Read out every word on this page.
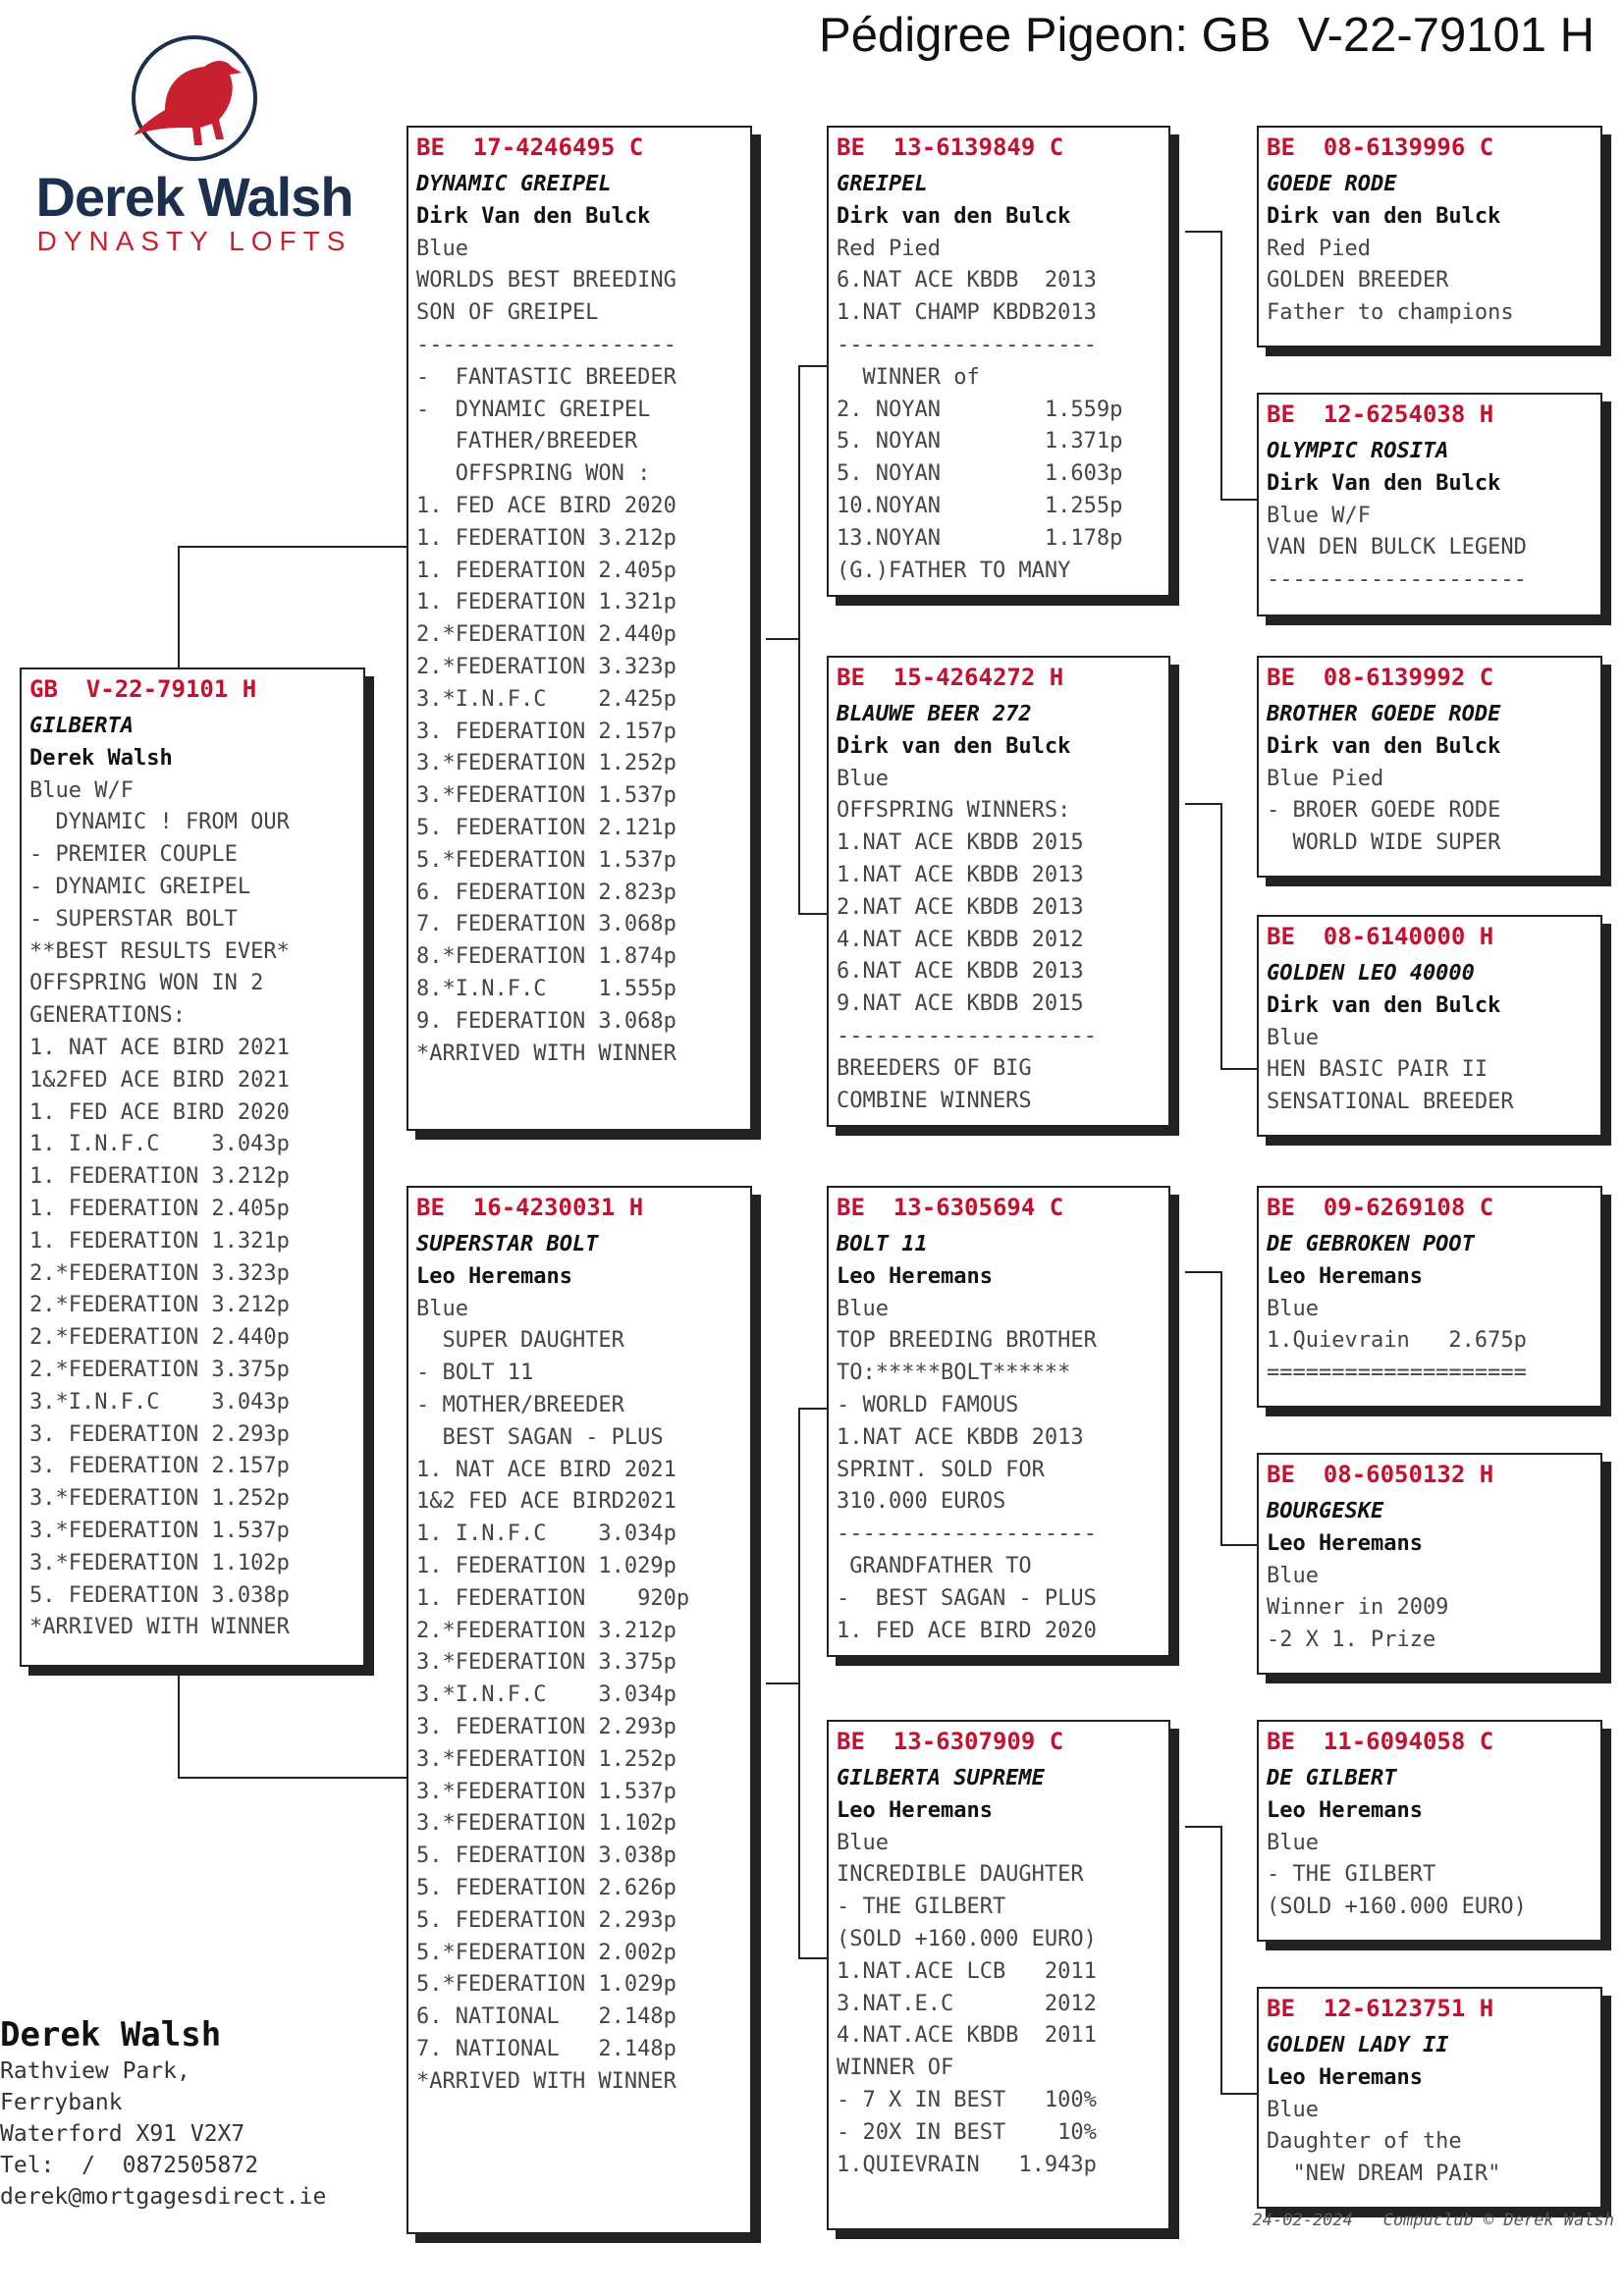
Pédigree Pigeon: GB  V-22-79101 H
Derek Walsh
DYNASTY LOFTS
GB  V-22-79101 H
GILBERTA
Derek Walsh
Blue W/F
DYNAMIC ! FROM OUR
- PREMIER COUPLE
- DYNAMIC GREIPEL
- SUPERSTAR BOLT
**BEST RESULTS EVER*
OFFSPRING WON IN 2
GENERATIONS:
1. NAT ACE BIRD 2021
1&2FED ACE BIRD 2021
1. FED ACE BIRD 2020
1. I.N.F.C    3.043p
1. FEDERATION 3.212p
1. FEDERATION 2.405p
1. FEDERATION 1.321p
2.*FEDERATION 3.323p
2.*FEDERATION 3.212p
2.*FEDERATION 2.440p
2.*FEDERATION 3.375p
3.*I.N.F.C    3.043p
3. FEDERATION 2.293p
3. FEDERATION 2.157p
3.*FEDERATION 1.252p
3.*FEDERATION 1.537p
3.*FEDERATION 1.102p
5. FEDERATION 3.038p
*ARRIVED WITH WINNER
BE  17-4246495 C
DYNAMIC GREIPEL
Dirk Van den Bulck
Blue
WORLDS BEST BREEDING
SON OF GREIPEL
--------------------
-  FANTASTIC BREEDER
-  DYNAMIC GREIPEL
FATHER/BREEDER
OFFSPRING WON :
1. FED ACE BIRD 2020
1. FEDERATION 3.212p
1. FEDERATION 2.405p
1. FEDERATION 1.321p
2.*FEDERATION 2.440p
2.*FEDERATION 3.323p
3.*I.N.F.C    2.425p
3. FEDERATION 2.157p
3.*FEDERATION 1.252p
3.*FEDERATION 1.537p
5. FEDERATION 2.121p
5.*FEDERATION 1.537p
6. FEDERATION 2.823p
7. FEDERATION 3.068p
8.*FEDERATION 1.874p
8.*I.N.F.C    1.555p
9. FEDERATION 3.068p
*ARRIVED WITH WINNER
BE  16-4230031 H
SUPERSTAR BOLT
Leo Heremans
Blue
SUPER DAUGHTER
- BOLT 11
- MOTHER/BREEDER
BEST SAGAN - PLUS
1. NAT ACE BIRD 2021
1&2 FED ACE BIRD2021
1. I.N.F.C    3.034p
1. FEDERATION 1.029p
1. FEDERATION    920p
2.*FEDERATION 3.212p
3.*FEDERATION 3.375p
3.*I.N.F.C    3.034p
3. FEDERATION 2.293p
3.*FEDERATION 1.252p
3.*FEDERATION 1.537p
3.*FEDERATION 1.102p
5. FEDERATION 3.038p
5. FEDERATION 2.626p
5. FEDERATION 2.293p
5.*FEDERATION 2.002p
5.*FEDERATION 1.029p
6. NATIONAL   2.148p
7. NATIONAL   2.148p
*ARRIVED WITH WINNER
BE  13-6139849 C
GREIPEL
Dirk van den Bulck
Red Pied
6.NAT ACE KBDB  2013
1.NAT CHAMP KBDB2013
--------------------
WINNER of
2. NOYAN        1.559p
5. NOYAN        1.371p
5. NOYAN        1.603p
10.NOYAN        1.255p
13.NOYAN        1.178p
(G.)FATHER TO MANY
BE  15-4264272 H
BLAUWE BEER 272
Dirk van den Bulck
Blue
OFFSPRING WINNERS:
1.NAT ACE KBDB 2015
1.NAT ACE KBDB 2013
2.NAT ACE KBDB 2013
4.NAT ACE KBDB 2012
6.NAT ACE KBDB 2013
9.NAT ACE KBDB 2015
--------------------
BREEDERS OF BIG
COMBINE WINNERS
BE  13-6305694 C
BOLT 11
Leo Heremans
Blue
TOP BREEDING BROTHER
TO:*****BOLT******
- WORLD FAMOUS
1.NAT ACE KBDB 2013
SPRINT. SOLD FOR
310.000 EUROS
--------------------
GRANDFATHER TO
-  BEST SAGAN - PLUS
1. FED ACE BIRD 2020
BE  13-6307909 C
GILBERTA SUPREME
Leo Heremans
Blue
INCREDIBLE DAUGHTER
- THE GILBERT
(SOLD +160.000 EURO)
1.NAT.ACE LCB   2011
3.NAT.E.C       2012
4.NAT.ACE KBDB  2011
WINNER OF
- 7 X IN BEST   100%
- 20X IN BEST    10%
1.QUIEVRAIN   1.943p
BE  08-6139996 C
GOEDE RODE
Dirk van den Bulck
Red Pied
GOLDEN BREEDER
Father to champions
BE  12-6254038 H
OLYMPIC ROSITA
Dirk Van den Bulck
Blue W/F
VAN DEN BULCK LEGEND
--------------------
BE  08-6139992 C
BROTHER GOEDE RODE
Dirk van den Bulck
Blue Pied
- BROER GOEDE RODE
WORLD WIDE SUPER
BE  08-6140000 H
GOLDEN LEO 40000
Dirk van den Bulck
Blue
HEN BASIC PAIR II
SENSATIONAL BREEDER
BE  09-6269108 C
DE GEBROKEN POOT
Leo Heremans
Blue
1.Quievrain   2.675p
====================
BE  08-6050132 H
BOURGESKE
Leo Heremans
Blue
Winner in 2009
-2 X 1. Prize
BE  11-6094058 C
DE GILBERT
Leo Heremans
Blue
- THE GILBERT
(SOLD +160.000 EURO)
BE  12-6123751 H
GOLDEN LADY II
Leo Heremans
Blue
Daughter of the
"NEW DREAM PAIR"
Derek Walsh
Rathview Park,
Ferrybank
Waterford X91 V2X7
Tel:  /  0872505872
derek@mortgagesdirect.ie
24-02-2024   Compuclub © Derek Walsh
